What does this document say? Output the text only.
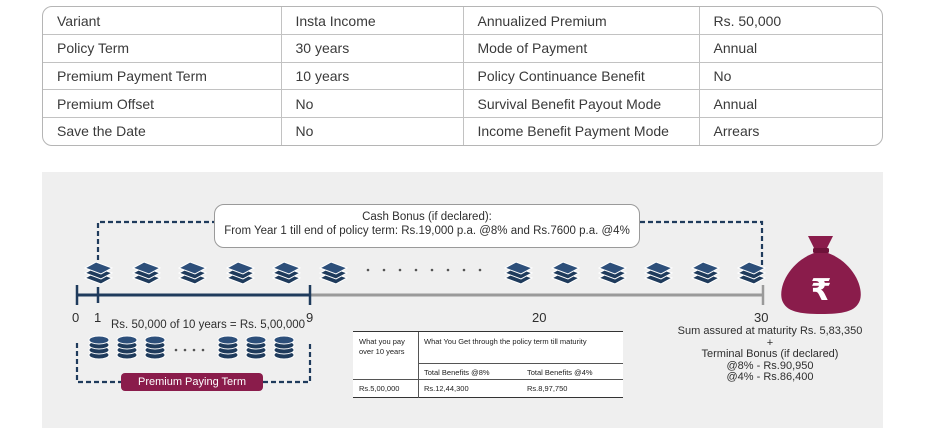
Variant	Insta Income	Annualized Premium	Rs. 50,000
Policy Term	30 years	Mode of Payment	Annual
Premium Payment Term	10 years	Policy Continuance Benefit	No
Premium Offset	No	Survival Benefit Payout Mode	Annual
Save the Date	No	Income Benefit Payment Mode	Arrears
₹
Cash Bonus (if declared):
From Year 1 till end of policy term: Rs.19,000 p.a. @8% and Rs.7600 p.a. @4%
0 1	9	20	30
Rs. 50,000 of 10 years = Rs. 5,00,000
Premium Paying Term
What you pay over 10 years
What You Get through the policy term till maturity
Total Benefits @8%	Total Benefits @4%
Rs.5,00,000	Rs.12,44,300	Rs.8,97,750
Sum assured at maturity Rs. 5,83,350
+
Terminal Bonus (if declared)
@8% - Rs.90,950
@4% - Rs.86,400
